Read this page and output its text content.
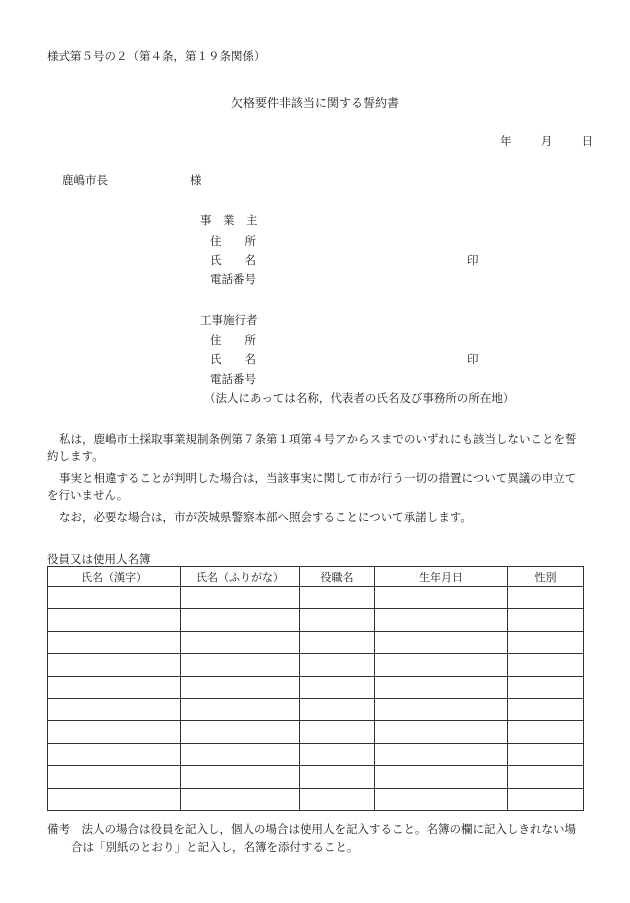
様式第５号の２（第４条，第１９条関係）
欠格要件非該当に関する誓約書
年	月	日
鹿嶋市長	様
事　業　主
住　　所
氏　　名	印
電話番号
工事施行者
住　　所
氏　　名	印
電話番号
（法人にあっては名称，代表者の氏名及び事務所の所在地）
私は，鹿嶋市土採取事業規制条例第７条第１項第４号アからスまでのいずれにも該当しないことを誓約します。
事実と相違することが判明した場合は，当該事実に関して市が行う一切の措置について異議の申立てを行いません。
なお，必要な場合は，市が茨城県警察本部へ照会することについて承諾します。
役員又は使用人名簿
氏名（漢字）	氏名（ふりがな）	役職名	生年月日	性別

備考　法人の場合は役員を記入し，個人の場合は使用人を記入すること。名簿の欄に記入しきれない場
合は「別紙のとおり」と記入し，名簿を添付すること。
